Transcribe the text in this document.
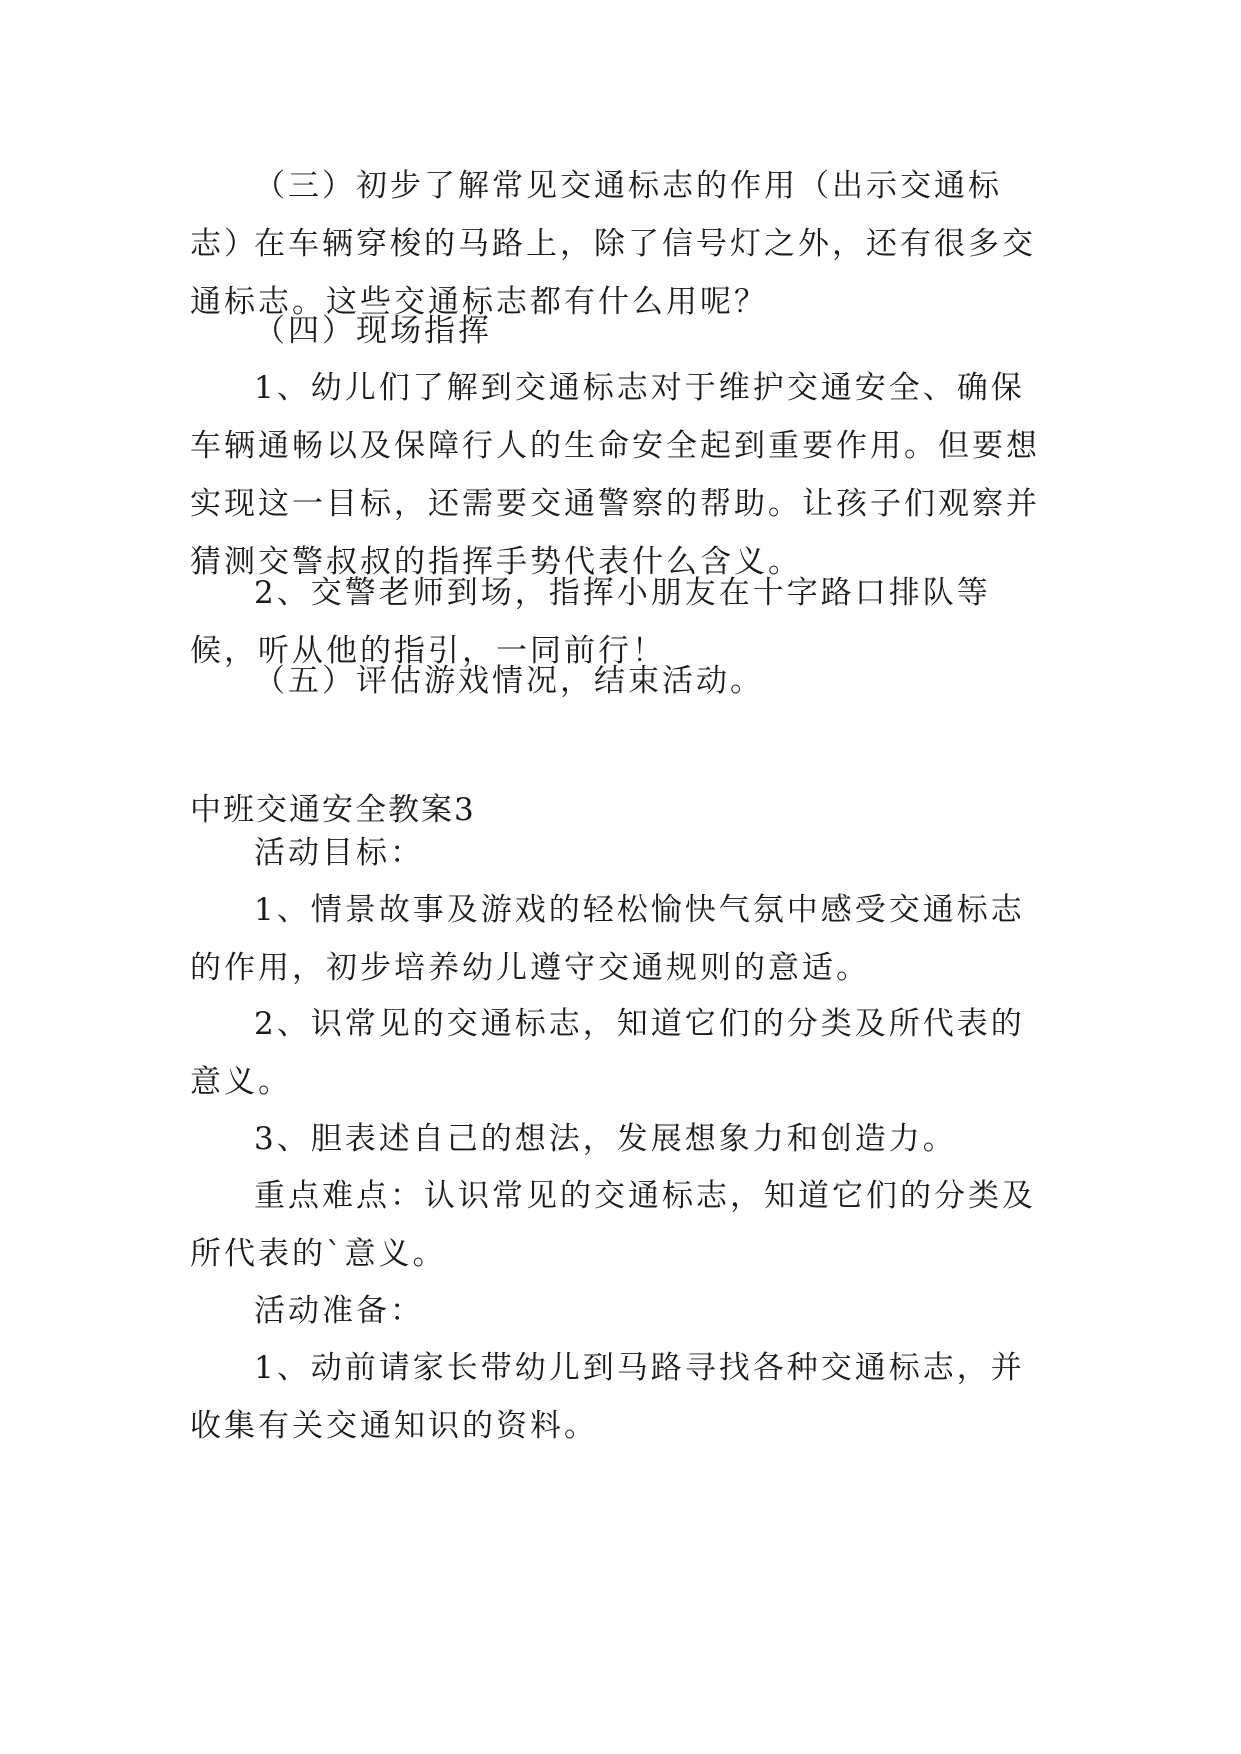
（三）初步了解常见交通标志的作用（出示交通标志）

在车辆穿梭的马路上，除了信号灯之外，还有很多交通标志。这些交通标志都有什么用呢？

（四）现场指挥

1、幼儿们了解到交通标志对于维护交通安全、确保车辆通畅以及保障行人的生命安全起到重要作用。但要想实现这一目标，还需要交通警察的帮助。让孩子们观察并猜测交警叔叔的指挥手势代表什么含义。

2、交警老师到场，指挥小朋友在十字路口排队等候，听从他的指引，一同前行！

（五）评估游戏情况，结束活动。

中班交通安全教案3

活动目标：

1、情景故事及游戏的轻松愉快气氛中感受交通标志的作用，初步培养幼儿遵守交通规则的意适。

2、识常见的交通标志，知道它们的分类及所代表的意义。

3、胆表述自己的想法，发展想象力和创造力。

重点难点：认识常见的交通标志，知道它们的分类及所代表的`意义。

活动准备：

1、动前请家长带幼儿到马路寻找各种交通标志，并收集有关交通知识的资料。
